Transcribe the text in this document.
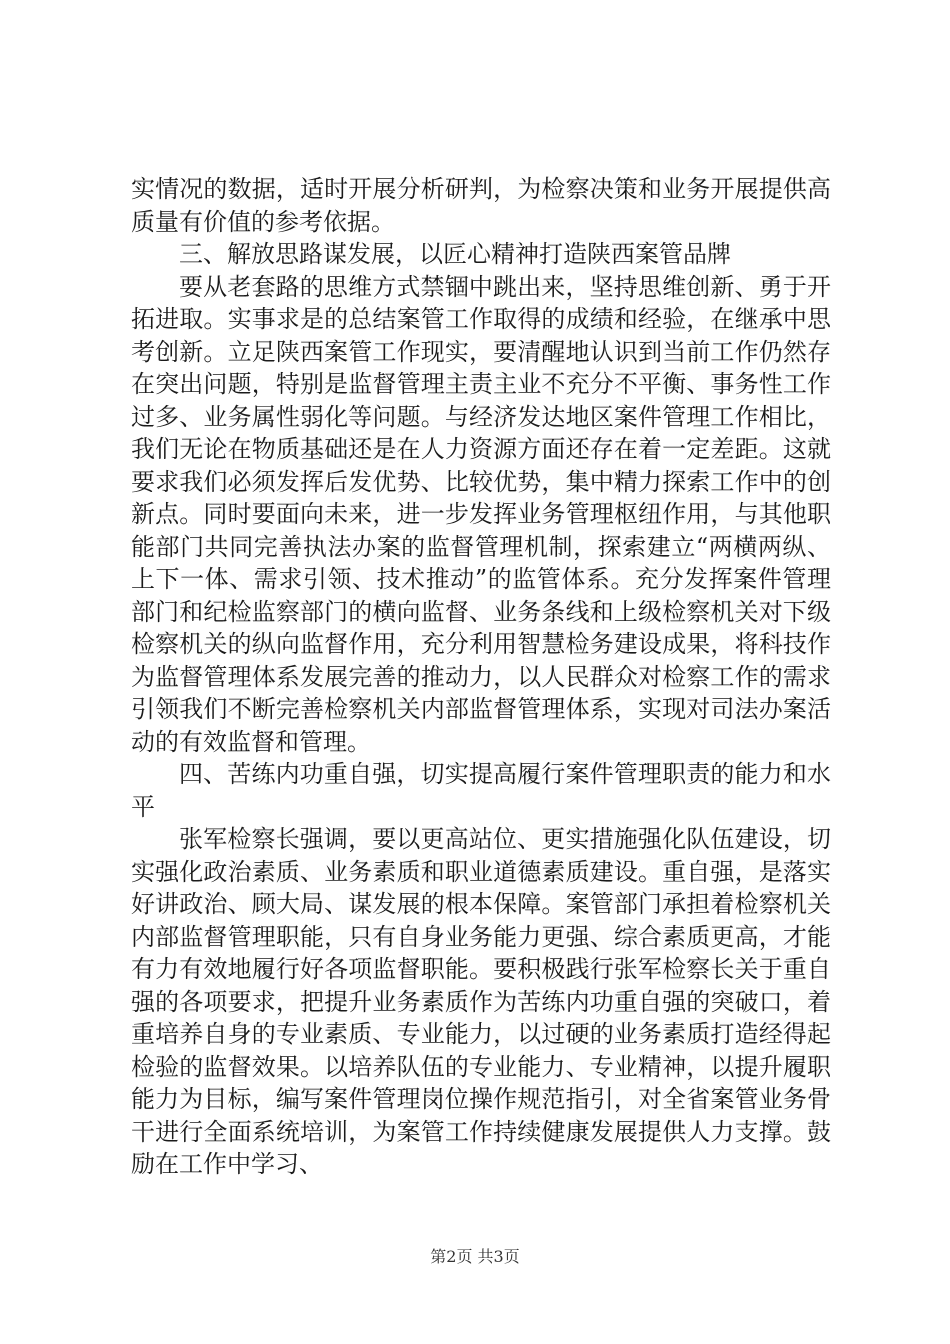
实情况的数据，适时开展分析研判，为检察决策和业务开展提供高质量有价值的参考依据。

三、解放思路谋发展，以匠心精神打造陕西案管品牌

要从老套路的思维方式禁锢中跳出来，坚持思维创新、勇于开拓进取。实事求是的总结案管工作取得的成绩和经验，在继承中思考创新。立足陕西案管工作现实，要清醒地认识到当前工作仍然存在突出问题，特别是监督管理主责主业不充分不平衡、事务性工作过多、业务属性弱化等问题。与经济发达地区案件管理工作相比，我们无论在物质基础还是在人力资源方面还存在着一定差距。这就要求我们必须发挥后发优势、比较优势，集中精力探索工作中的创新点。同时要面向未来，进一步发挥业务管理枢纽作用，与其他职能部门共同完善执法办案的监督管理机制，探索建立“两横两纵、上下一体、需求引领、技术推动”的监管体系。充分发挥案件管理部门和纪检监察部门的横向监督、业务条线和上级检察机关对下级检察机关的纵向监督作用，充分利用智慧检务建设成果，将科技作为监督管理体系发展完善的推动力，以人民群众对检察工作的需求引领我们不断完善检察机关内部监督管理体系，实现对司法办案活动的有效监督和管理。

四、苦练内功重自强，切实提高履行案件管理职责的能力和水平

张军检察长强调，要以更高站位、更实措施强化队伍建设，切实强化政治素质、业务素质和职业道德素质建设。重自强，是落实好讲政治、顾大局、谋发展的根本保障。案管部门承担着检察机关内部监督管理职能，只有自身业务能力更强、综合素质更高，才能有力有效地履行好各项监督职能。要积极践行张军检察长关于重自强的各项要求，把提升业务素质作为苦练内功重自强的突破口，着重培养自身的专业素质、专业能力，以过硬的业务素质打造经得起检验的监督效果。以培养队伍的专业能力、专业精神，以提升履职能力为目标，编写案件管理岗位操作规范指引，对全省案管业务骨干进行全面系统培训，为案管工作持续健康发展提供人力支撑。鼓励在工作中学习、

第2页 共3页
